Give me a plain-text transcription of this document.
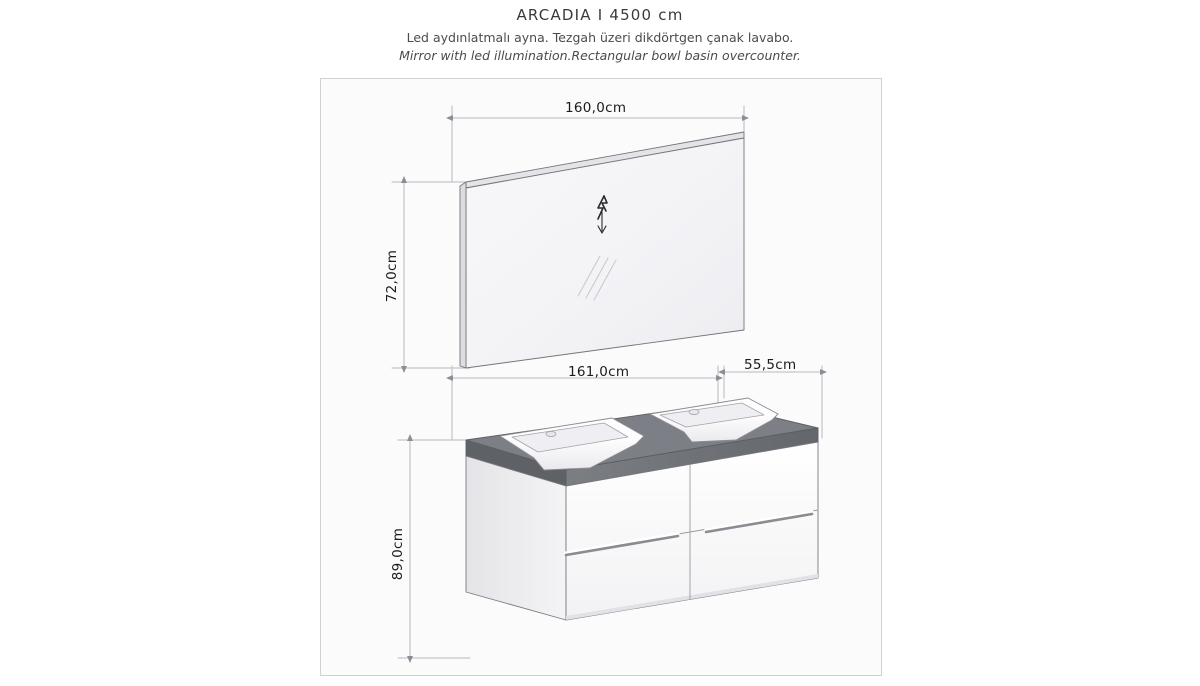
ARCADIA I 4500 cm
Led aydınlatmalı ayna. Tezgah üzeri dikdörtgen çanak lavabo.
Mirror with led illumination.Rectangular bowl basin overcounter.
160,0cm
72,0cm
161,0cm	55,5cm
89,0cm
